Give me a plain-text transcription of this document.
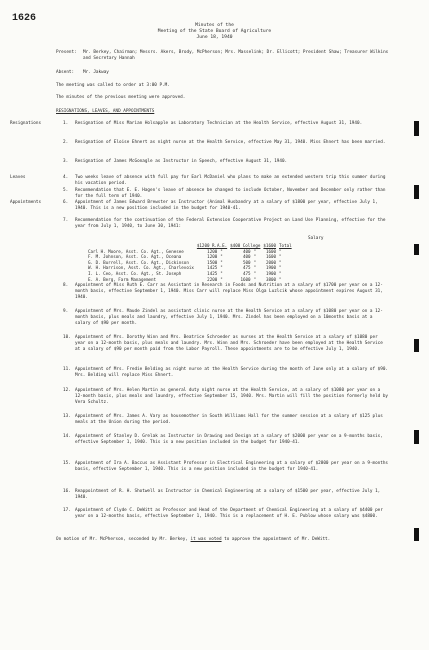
1626
Minutes of the
Meeting of the State Board of Agriculture
June 18, 1940
Present: Mr. Berkey, Chairman; Messrs. Akers, Brody, McPherson; Mrs. Masselink; Dr. Ellicott; President Shaw; Treasurer Wilkins and Secretary Hannah
Absent: Mr. Jakway
The meeting was called to order at 3:00 P.M.
The minutes of the previous meeting were approved.
RESIGNATIONS, LEAVES, AND APPOINTMENTS
Resignations
Leaves
Appointments
1. Resignation of Miss Marian Holsapple as Laboratory Technician at the Health Service, effective August 31, 1940.
2. Resignation of Eloise Ehnert as night nurse at the Health Service, effective May 31, 1940. Miss Ehnert has been married.
3. Resignation of James McGonagle as Instructor in Speech, effective August 31, 1940.
4. Two weeks leave of absence with full pay for Earl McDaniel who plans to make an extended western trip this summer during his vacation period.
5. Recommendation that E. E. Hagen's leave of absence be changed to include October, November and December only rather than for the full term of 1940.
6. Appointment of James Edward Brewster as Instructor (Animal Husbandry at a salary of $1800 per year, effective July 1, 1940. This is a new position included in the budget for 1940-41.
7. Recommendation for the continuation of the Federal Extension Cooperative Project on Land Use Planning, effective for the year from July 1, 1940, to June 30, 1941:
Salary
	$1200 R.A.E.		$400 College		$1600	Total
Carl H. Moore, Asst. Co. Agt., Genesee	1200	"	400	"	1600	"
F. M. Johnson, Asst. Co. Agt., Oceana	1200	"	400	"	1600	"
G. D. Burrell, Asst. Co. Agt., Dickinson	1500	"	500	"	2000	"
W. H. Harrison, Asst. Co. Agt., Charlevoix	1425	"	475	"	1900	"
I. L. Ceo, Asst. Co. Agt., St. Joseph	1425	"	475	"	1900	"
E. A. Berg, Farm Management	2200	"	1600	"	3800	"
8. Appointment of Miss Ruth E. Carr as Assistant in Research in Foods and Nutrition at a salary of $1700 per year on a 12-month basis, effective September 1, 1940. Miss Carr will replace Miss Olga Luzlcik whose appointment expires August 31, 1940.
9. Appointment of Mrs. Maude Zindel as assistant clinic nurse at the Health Service at a salary of $1080 per year on a 12-month basis, plus meals and laundry, effective July 1, 1940. Mrs. Zindel has been employed on a 10months basis at a salary of $90 per month.
10. Appointment of Mrs. Dorothy Winn and Mrs. Beatrice Schroeder as nurses at the Health Service at a salary of $1080 per year on a 12-month basis, plus meals and laundry. Mrs. Winn and Mrs. Schroeder have been employed at the Health Service at a salary of $90 per month paid from the Labor Payroll. These appointments are to be effective July 1, 1940.
11. Appointment of Mrs. Fredie Belding as night nurse at the Health Service during the month of June only at a salary of $90. Mrs. Belding will replace Miss Ehnert.
12. Appointment of Mrs. Helen Martin as general duty night nurse at the Health Service, at a salary of $1080 per year on a 12-month basis, plus meals and laundry, effective September 15, 1940. Mrs. Martin will fill the position formerly held by Vera Schultz.
13. Appointment of Mrs. James A. Vary as housemother in South Williams Hall for the summer session at a salary of $125 plus meals at the Union during the period.
14. Appointment of Stanley D. Grelak as Instructor in Drawing and Design at a salary of $2000 per year on a 9-months basis, effective September 1, 1940. This is a new position included in the budget for 1940-41.
15. Appointment of Ira A. Baccus as Assistant Professor in Electrical Engineering at a salary of $2800 per year on a 9-months basis, effective September 1, 1940. This is a new position included in the budget for 1940-41.
16. Reappointment of R. H. Shotwell as Instructor in Chemical Engineering at a salary of $1500 per year, effective July 1, 1940.
17. Appointment of Clyde C. DeWitt as Professor and Head of the Department of Chemical Engineering at a salary of $4400 per year on a 12-months basis, effective September 1, 1940. This is a replacement of H. E. Publow whose salary was $4800.
On motion of Mr. McPherson, seconded by Mr. Berkey, it was voted to approve the appointment of Mr. DeWitt.
